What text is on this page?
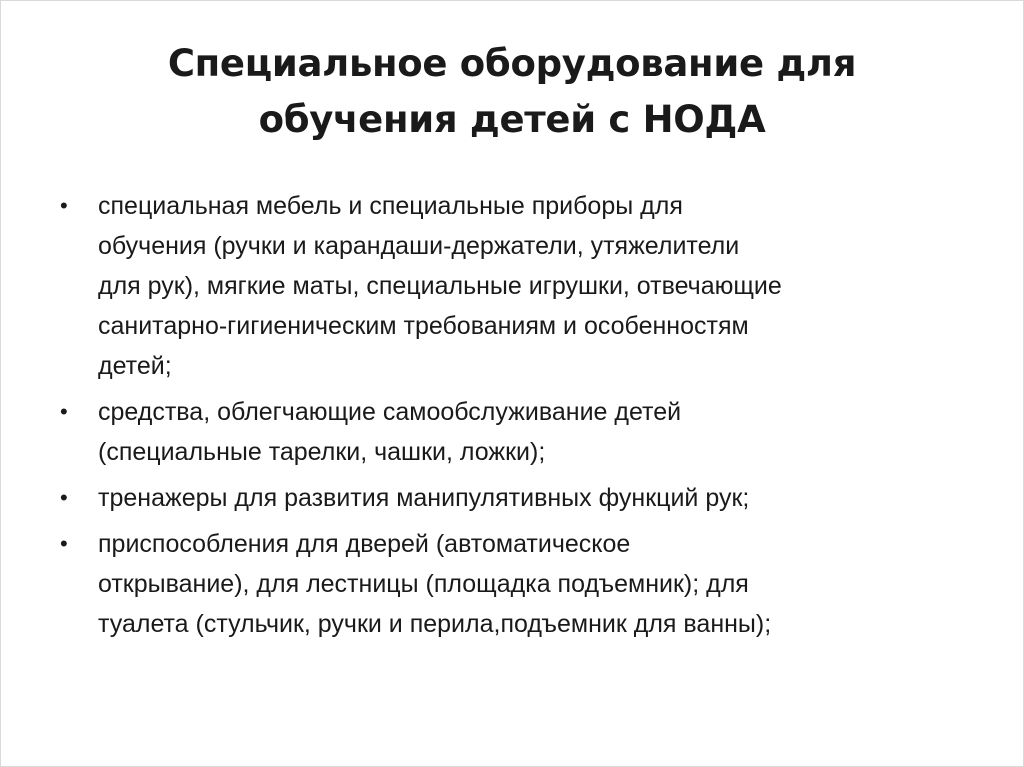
Специальное оборудование для
обучения детей с НОДА
• специальная мебель и специальные приборы для
обучения (ручки и карандаши-держатели, утяжелители
для рук), мягкие маты, специальные игрушки, отвечающие
санитарно-гигиеническим требованиям и особенностям
детей;
• средства, облегчающие самообслуживание детей
(специальные тарелки, чашки, ложки);
• тренажеры для развития манипулятивных функций рук;
• приспособления для дверей (автоматическое
открывание), для лестницы (площадка подъемник); для
туалета (стульчик, ручки и перила,подъемник для ванны);
